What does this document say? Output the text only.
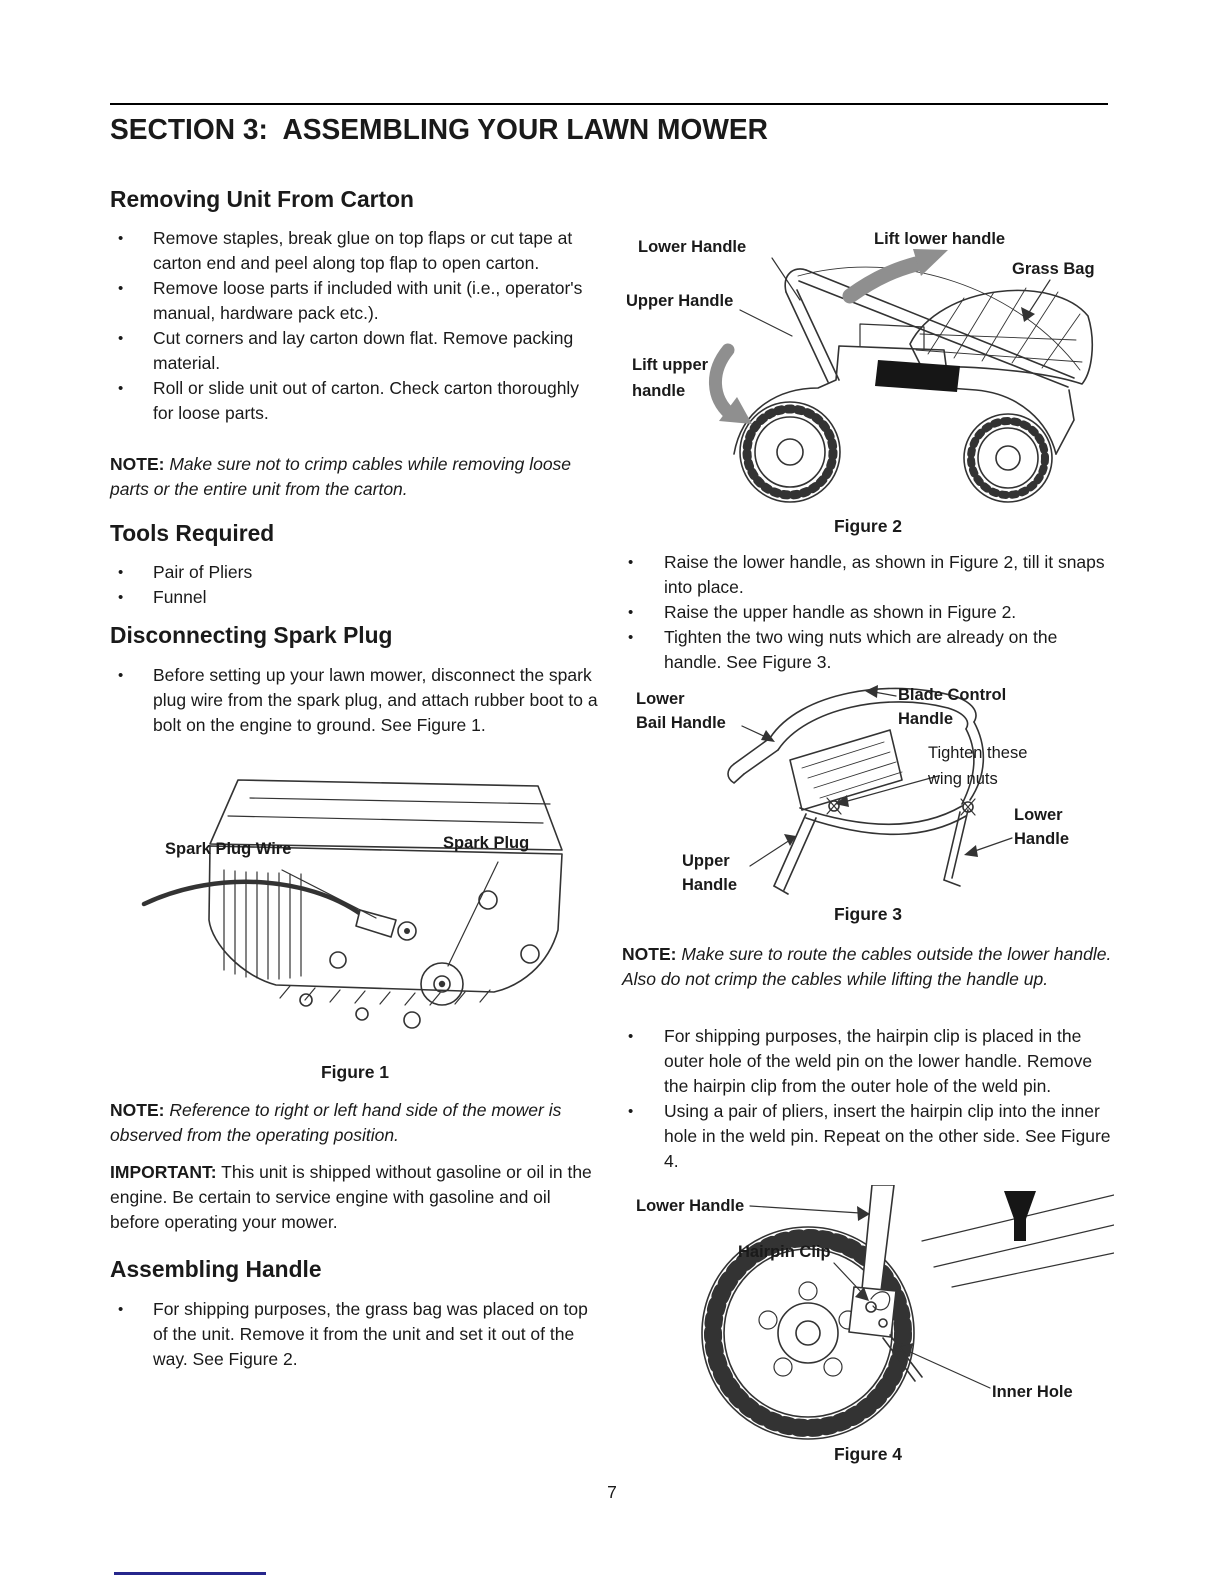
SECTION 3:  ASSEMBLING YOUR LAWN MOWER
Removing Unit From Carton
•	Remove staples, break glue on top flaps or cut tape at carton end and peel along top flap to open carton.
•	Remove loose parts if included with unit (i.e., operator's manual, hardware pack etc.).
•	Cut corners and lay carton down flat. Remove packing material.
•	Roll or slide unit out of carton. Check carton thoroughly for loose parts.
NOTE: Make sure not to crimp cables while removing loose parts or the entire unit from the carton.
Tools Required
•	Pair of Pliers
•	Funnel
Disconnecting Spark Plug
•	Before setting up your lawn mower, disconnect the spark plug wire from the spark plug, and attach rubber boot to a bolt on the engine to ground. See Figure 1.
Spark Plug Wire	Spark Plug
Figure 1
NOTE: Reference to right or left hand side of the mower is observed from the operating position.
IMPORTANT: This unit is shipped without gasoline or oil in the engine. Be certain to service engine with gasoline and oil before operating your mower.
Assembling Handle
•	For shipping purposes, the grass bag was placed on top of the unit. Remove it from the unit and set it out of the way. See Figure 2.
Lower Handle	Lift lower handle
Grass Bag
Upper Handle
Lift upper
handle
Figure 2
•	Raise the lower handle, as shown in Figure 2, till it snaps into place.
•	Raise the upper handle as shown in Figure 2.
•	Tighten the two wing nuts which are already on the handle. See Figure 3.
Lower
Bail Handle
Blade Control
Handle
Tighten these
wing nuts
Lower
Handle
Upper
Handle
Figure 3
NOTE: Make sure to route the cables outside the lower handle. Also do not crimp the cables while lifting the handle up.
•	For shipping purposes, the hairpin clip is placed in the outer hole of the weld pin on the lower handle. Remove the hairpin clip from the outer hole of the weld pin.
•	Using a pair of pliers, insert the hairpin clip into the inner hole in the weld pin. Repeat on the other side. See Figure 4.
Lower Handle
Hairpin Clip
Inner Hole
Figure 4
7
